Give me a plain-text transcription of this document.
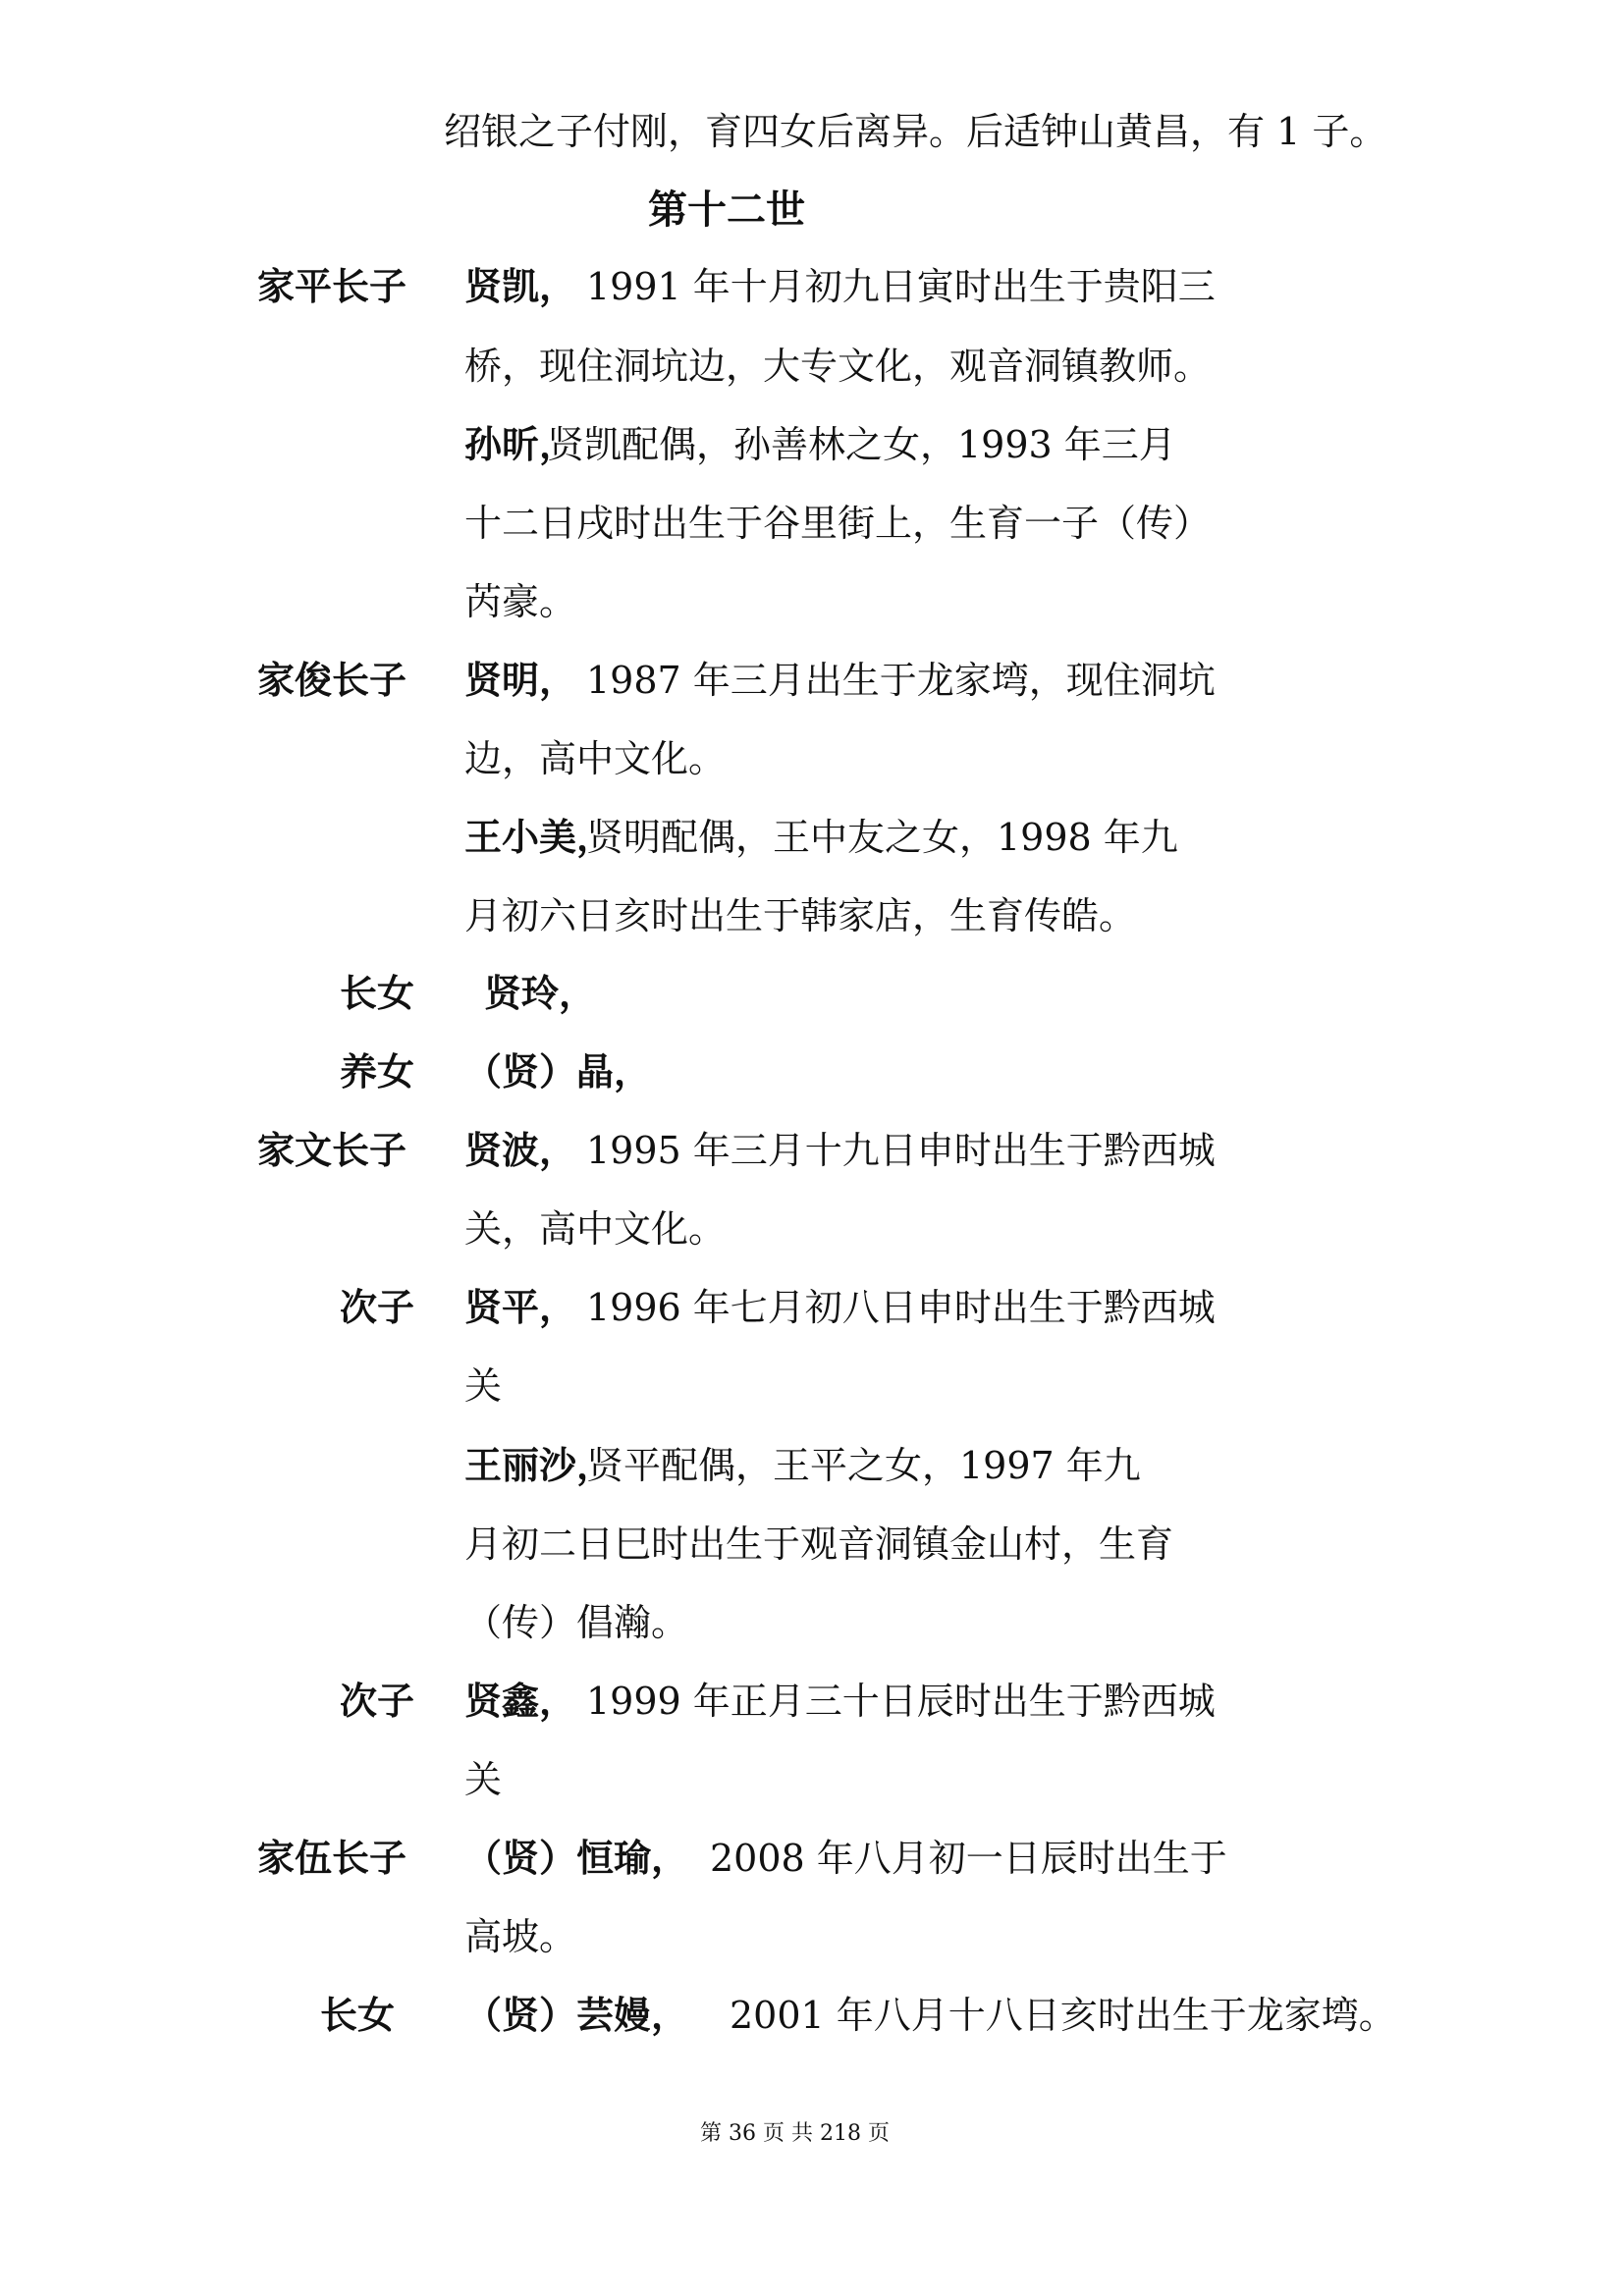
绍银之子付刚，育四女后离异。后适钟山黄昌，有 1 子。
第十二世
家平长子 贤凯， 1991 年十月初九日寅时出生于贵阳三
桥，现住洞坑边，大专文化，观音洞镇教师。
孙昕，
贤凯配偶，孙善林之女，1993 年三月
十二日戌时出生于谷里街上，生育一子（传）
芮豪。
家俊长子 贤明， 1987 年三月出生于龙家塆，现住洞坑
边，高中文化。
王小美，
贤明配偶，王中友之女，1998 年九
月初六日亥时出生于韩家店，生育传皓。
长女 贤玲，
养女 （贤）晶，
家文长子 贤波， 1995 年三月十九日申时出生于黔西城
关，高中文化。
次子 贤平， 1996 年七月初八日申时出生于黔西城
关
王丽沙，
贤平配偶，王平之女，1997 年九
月初二日巳时出生于观音洞镇金山村，生育
（传）倡瀚。
次子 贤鑫， 1999 年正月三十日辰时出生于黔西城
关
家伍长子 （贤）恒瑜， 2008 年八月初一日辰时出生于
高坡。
长女 （贤）芸嫚， 2001 年八月十八日亥时出生于龙家塆。
第 36 页 共 218 页
